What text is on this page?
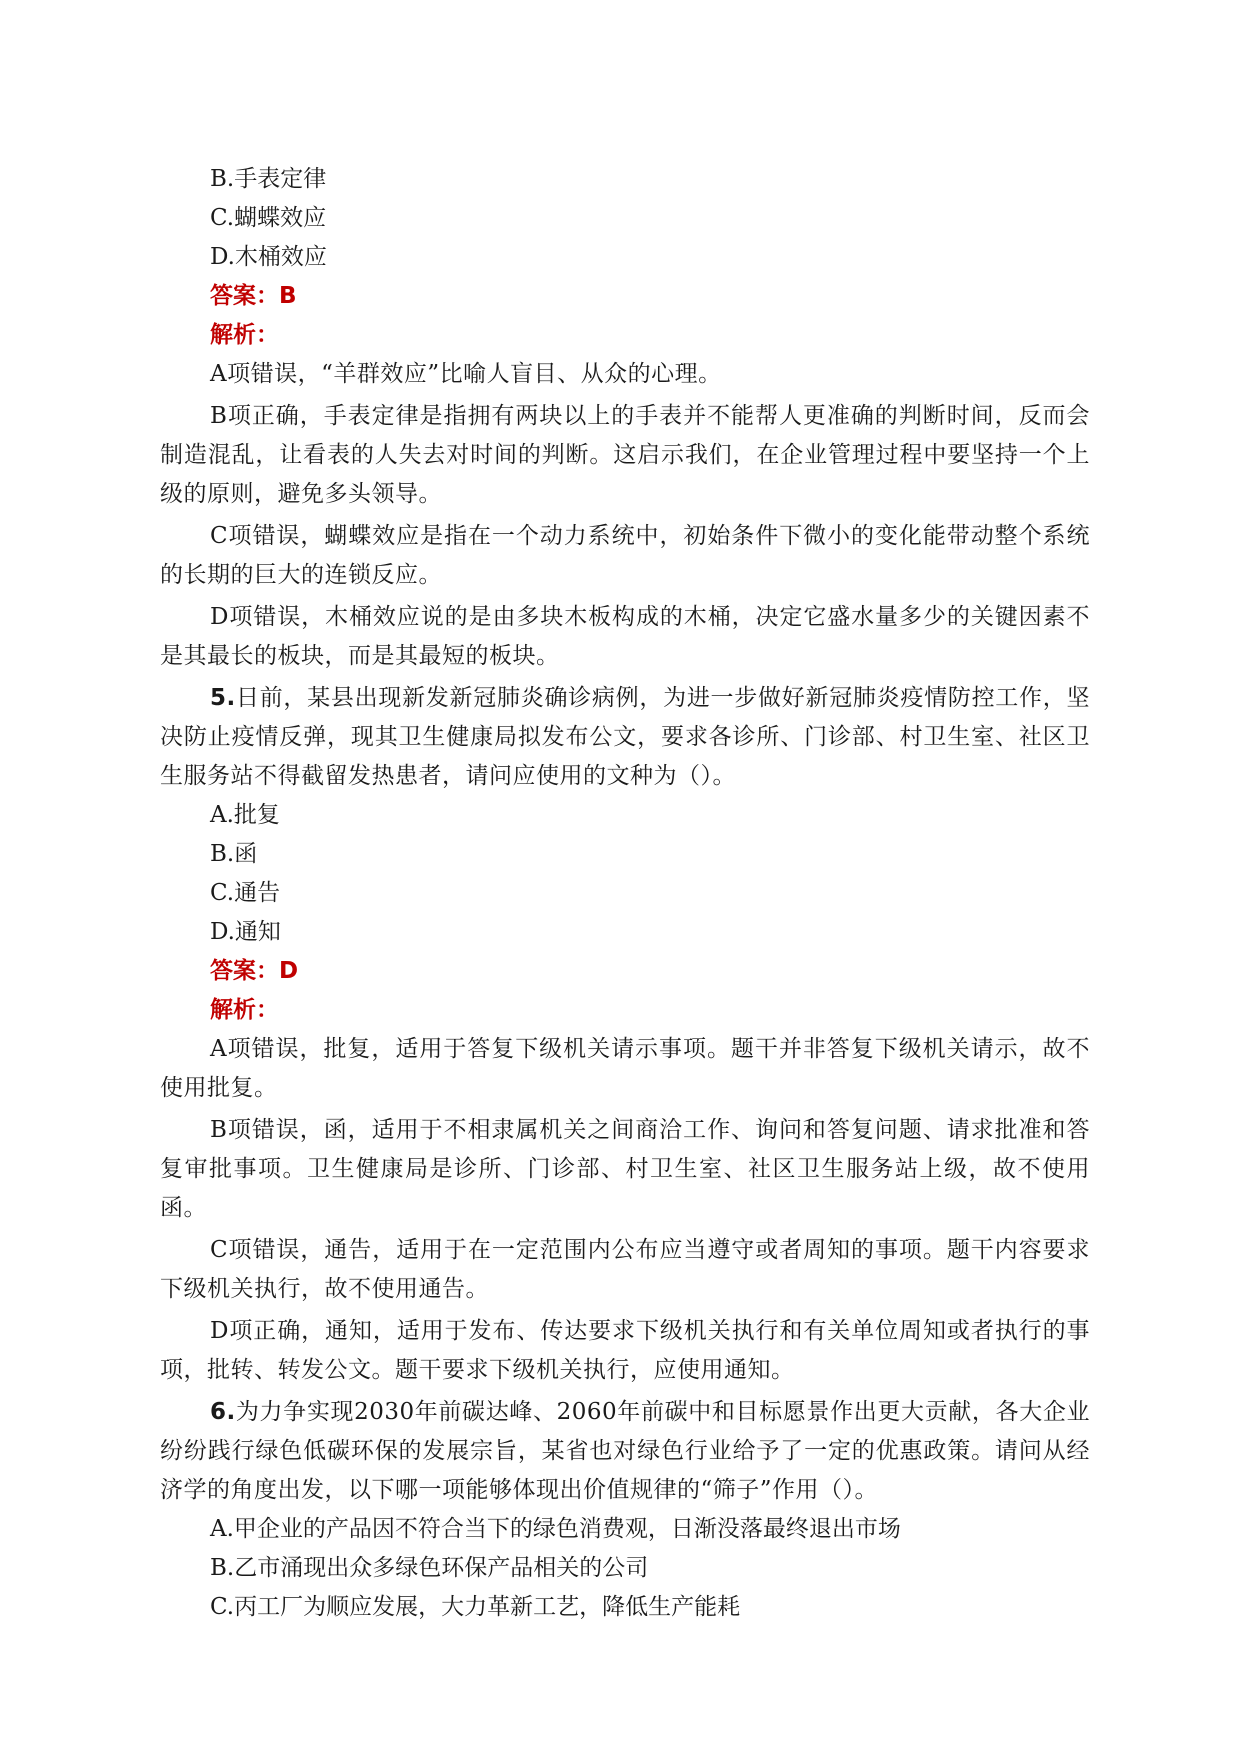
B.手表定律

C.蝴蝶效应

D.木桶效应

答案：B

解析：

A项错误，“羊群效应”比喻人盲目、从众的心理。

B项正确，手表定律是指拥有两块以上的手表并不能帮人更准确的判断时间，反而会制造混乱，让看表的人失去对时间的判断。这启示我们，在企业管理过程中要坚持一个上级的原则，避免多头领导。

C项错误，蝴蝶效应是指在一个动力系统中，初始条件下微小的变化能带动整个系统的长期的巨大的连锁反应。

D项错误，木桶效应说的是由多块木板构成的木桶，决定它盛水量多少的关键因素不是其最长的板块，而是其最短的板块。

5.日前，某县出现新发新冠肺炎确诊病例，为进一步做好新冠肺炎疫情防控工作，坚决防止疫情反弹，现其卫生健康局拟发布公文，要求各诊所、门诊部、村卫生室、社区卫生服务站不得截留发热患者，请问应使用的文种为（）。

A.批复

B.函

C.通告

D.通知

答案：D

解析：

A项错误，批复，适用于答复下级机关请示事项。题干并非答复下级机关请示，故不使用批复。

B项错误，函，适用于不相隶属机关之间商洽工作、询问和答复问题、请求批准和答复审批事项。卫生健康局是诊所、门诊部、村卫生室、社区卫生服务站上级，故不使用函。

C项错误，通告，适用于在一定范围内公布应当遵守或者周知的事项。题干内容要求下级机关执行，故不使用通告。

D项正确，通知，适用于发布、传达要求下级机关执行和有关单位周知或者执行的事项，批转、转发公文。题干要求下级机关执行，应使用通知。

6.为力争实现2030年前碳达峰、2060年前碳中和目标愿景作出更大贡献，各大企业纷纷践行绿色低碳环保的发展宗旨，某省也对绿色行业给予了一定的优惠政策。请问从经济学的角度出发，以下哪一项能够体现出价值规律的“筛子”作用（）。

A.甲企业的产品因不符合当下的绿色消费观，日渐没落最终退出市场

B.乙市涌现出众多绿色环保产品相关的公司

C.丙工厂为顺应发展，大力革新工艺，降低生产能耗
